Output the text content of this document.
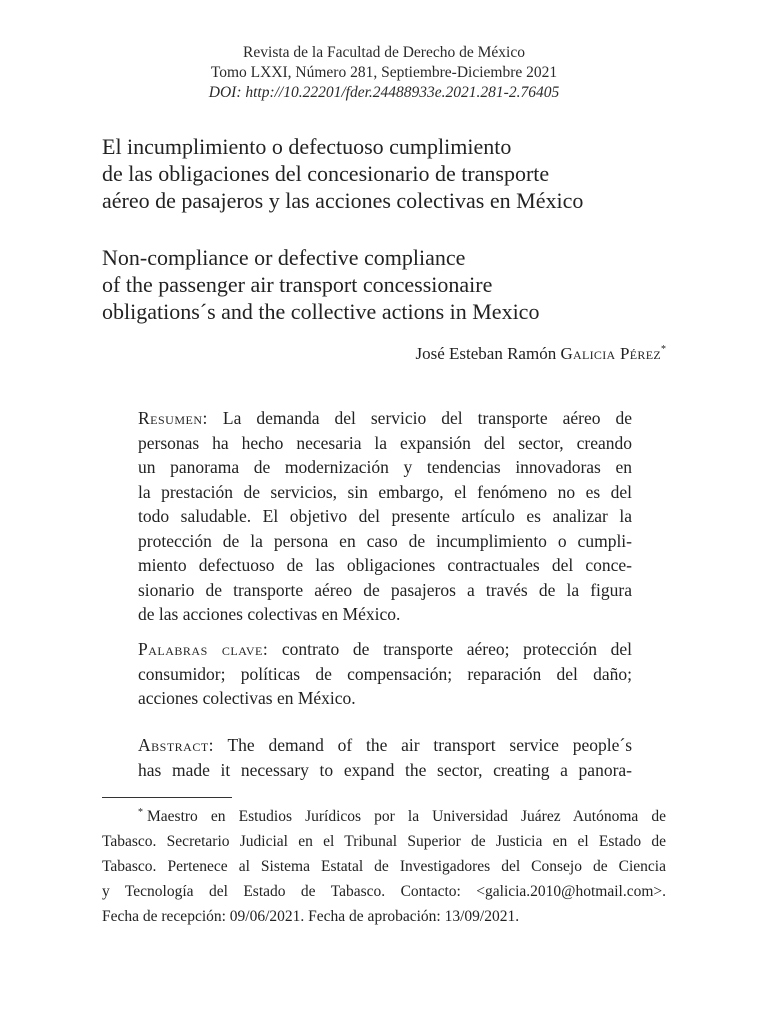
Revista de la Facultad de Derecho de México
Tomo LXXI, Número 281, Septiembre-Diciembre 2021
DOI: http://10.22201/fder.24488933e.2021.281-2.76405
El incumplimiento o defectuoso cumplimiento
de las obligaciones del concesionario de transporte
aéreo de pasajeros y las acciones colectivas en México
Non-compliance or defective compliance
of the passenger air transport concessionaire
obligations´s and the collective actions in Mexico
José Esteban Ramón Galicia Pérez*
Resumen: La demanda del servicio del transporte aéreo de
personas ha hecho necesaria la expansión del sector, creando
un panorama de modernización y tendencias innovadoras en
la prestación de servicios, sin embargo, el fenómeno no es del
todo saludable. El objetivo del presente artículo es analizar la
protección de la persona en caso de incumplimiento o cumpli-
miento defectuoso de las obligaciones contractuales del conce-
sionario de transporte aéreo de pasajeros a través de la figura
de las acciones colectivas en México.
Palabras clave: contrato de transporte aéreo; protección del
consumidor; políticas de compensación; reparación del daño;
acciones colectivas en México.
Abstract: The demand of the air transport service people´s
has made it necessary to expand the sector, creating a panora-
* Maestro en Estudios Jurídicos por la Universidad Juárez Autónoma de
Tabasco. Secretario Judicial en el Tribunal Superior de Justicia en el Estado de
Tabasco. Pertenece al Sistema Estatal de Investigadores del Consejo de Ciencia
y Tecnología del Estado de Tabasco. Contacto: <galicia.2010@hotmail.com>.
Fecha de recepción: 09/06/2021. Fecha de aprobación: 13/09/2021.
